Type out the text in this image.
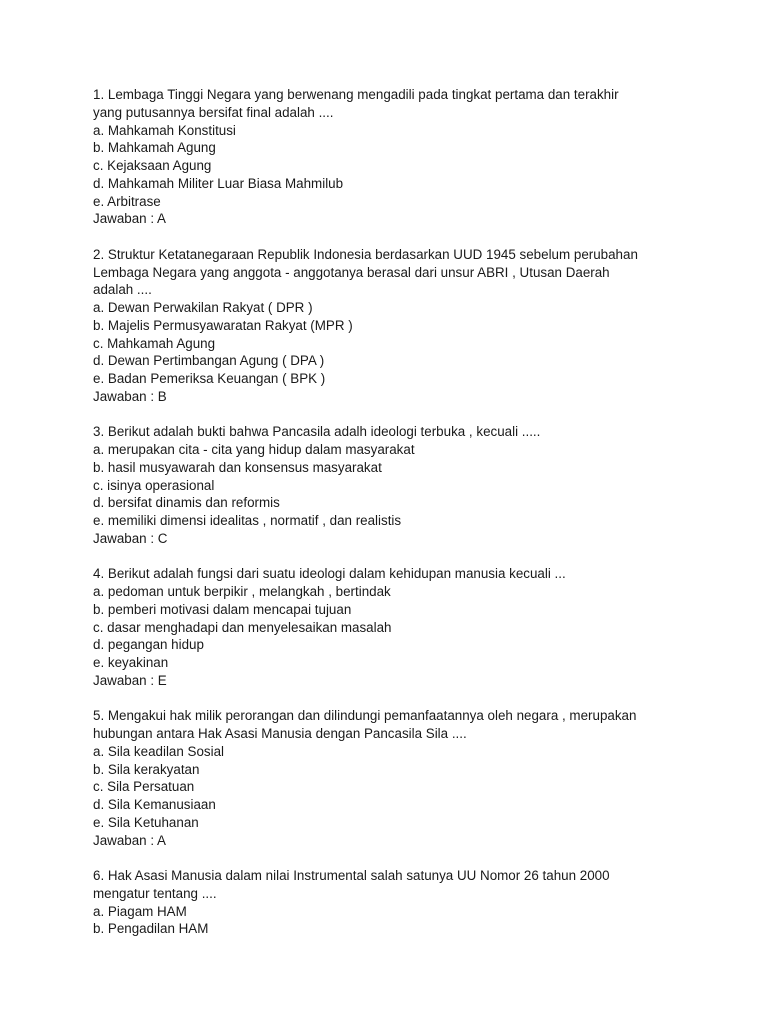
1. Lembaga Tinggi Negara yang berwenang mengadili pada tingkat pertama dan terakhir
yang putusannya bersifat final adalah ....
a. Mahkamah Konstitusi
b. Mahkamah Agung
c. Kejaksaan Agung
d. Mahkamah Militer Luar Biasa Mahmilub
e. Arbitrase
Jawaban : A
2. Struktur Ketatanegaraan Republik Indonesia berdasarkan UUD 1945 sebelum perubahan
Lembaga Negara yang anggota - anggotanya berasal dari unsur ABRI , Utusan Daerah
adalah ....
a. Dewan Perwakilan Rakyat ( DPR )
b. Majelis Permusyawaratan Rakyat (MPR )
c. Mahkamah Agung
d. Dewan Pertimbangan Agung ( DPA )
e. Badan Pemeriksa Keuangan ( BPK )
Jawaban : B
3. Berikut adalah bukti bahwa Pancasila adalh ideologi terbuka , kecuali .....
a. merupakan cita - cita yang hidup dalam masyarakat
b. hasil musyawarah dan konsensus masyarakat
c. isinya operasional
d. bersifat dinamis dan reformis
e. memiliki dimensi idealitas , normatif , dan realistis
Jawaban : C
4. Berikut adalah fungsi dari suatu ideologi dalam kehidupan manusia kecuali ...
a. pedoman untuk berpikir , melangkah , bertindak
b. pemberi motivasi dalam mencapai tujuan
c. dasar menghadapi dan menyelesaikan masalah
d. pegangan hidup
e. keyakinan
Jawaban : E
5. Mengakui hak milik perorangan dan dilindungi pemanfaatannya oleh negara , merupakan
hubungan antara Hak Asasi Manusia dengan Pancasila Sila ....
a. Sila keadilan Sosial
b. Sila kerakyatan
c. Sila Persatuan
d. Sila Kemanusiaan
e. Sila Ketuhanan
Jawaban : A
6. Hak Asasi Manusia dalam nilai Instrumental salah satunya UU Nomor 26 tahun 2000
mengatur tentang ....
a. Piagam HAM
b. Pengadilan HAM
